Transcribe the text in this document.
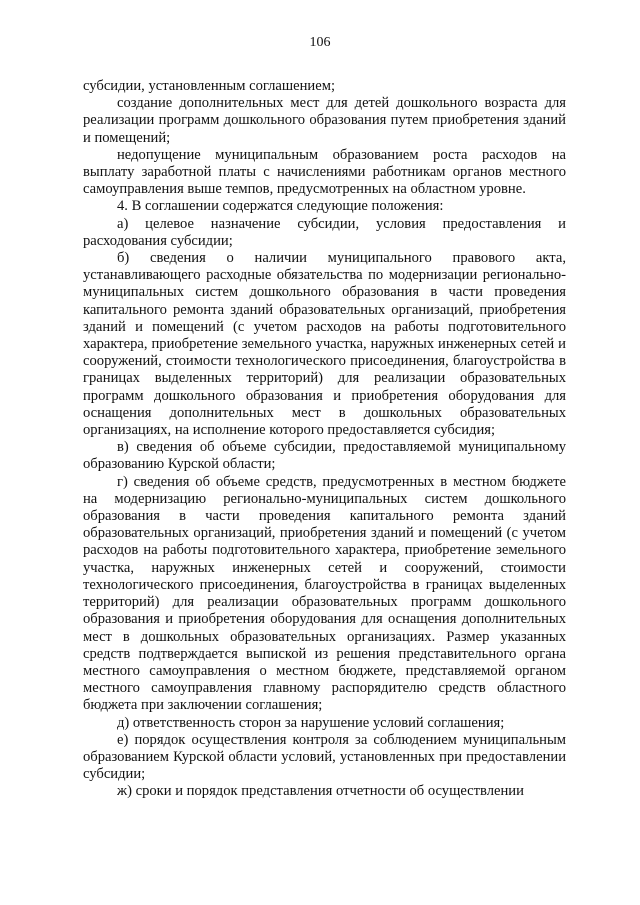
106

субсидии, установленным соглашением;

создание дополнительных мест для детей дошкольного возраста для реализации программ дошкольного образования путем приобретения зданий и помещений;

недопущение муниципальным образованием роста расходов на выплату заработной платы с начислениями работникам органов местного самоуправления выше темпов, предусмотренных на областном уровне.

4. В соглашении содержатся следующие положения:

а) целевое назначение субсидии, условия предоставления и расходования субсидии;

б) сведения о наличии муниципального правового акта, устанавливающего расходные обязательства по модернизации регионально-муниципальных систем дошкольного образования в части проведения капитального ремонта зданий образовательных организаций, приобретения зданий и помещений (с учетом расходов на работы подготовительного характера, приобретение земельного участка, наружных инженерных сетей и сооружений, стоимости технологического присоединения, благоустройства в границах выделенных территорий) для реализации образовательных программ дошкольного образования и приобретения оборудования для оснащения дополнительных мест в дошкольных образовательных организациях, на исполнение которого предоставляется субсидия;

в) сведения об объеме субсидии, предоставляемой муниципальному образованию Курской области;

г) сведения об объеме средств, предусмотренных в местном бюджете на модернизацию регионально-муниципальных систем дошкольного образования в части проведения капитального ремонта зданий образовательных организаций, приобретения зданий и помещений (с учетом расходов на работы подготовительного характера, приобретение земельного участка, наружных инженерных сетей и сооружений, стоимости технологического присоединения, благоустройства в границах выделенных территорий) для реализации образовательных программ дошкольного образования и приобретения оборудования для оснащения дополнительных мест в дошкольных образовательных организациях. Размер указанных средств подтверждается выпиской из решения представительного органа местного самоуправления о местном бюджете, представляемой органом местного самоуправления главному распорядителю средств областного бюджета при заключении соглашения;

д) ответственность сторон за нарушение условий соглашения;

е) порядок осуществления контроля за соблюдением муниципальным образованием Курской области условий, установленных при предоставлении субсидии;

ж) сроки и порядок представления отчетности об осуществлении
